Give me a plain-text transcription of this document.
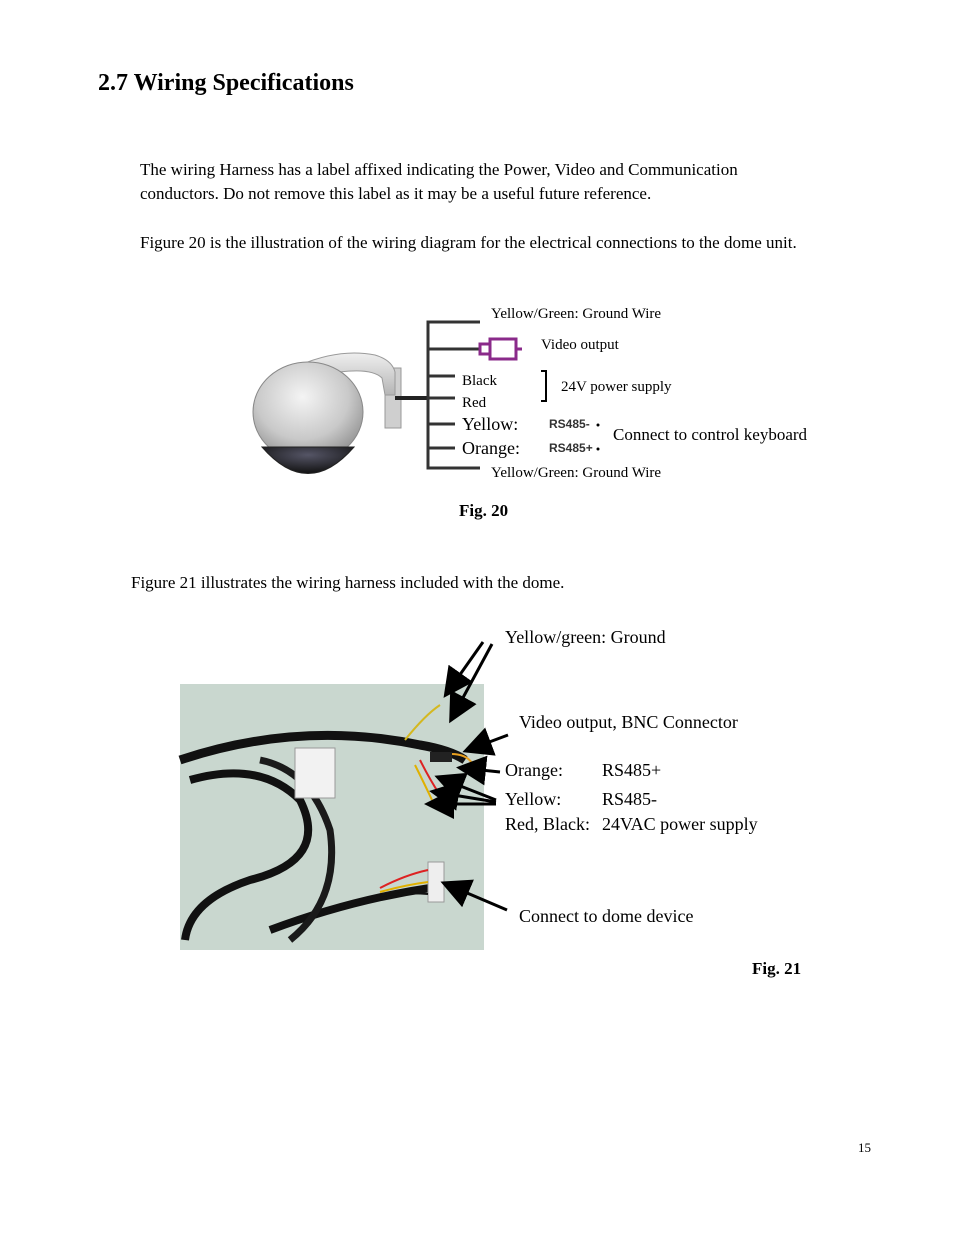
2.7 Wiring Specifications
The wiring Harness has a label affixed indicating the Power, Video and Communication
conductors. Do not remove this label as it may be a useful future reference.
Figure 20 is the illustration of the wiring diagram for the electrical connections to the dome unit.
Yellow/Green: Ground Wire
Video output
Black
Red
24V power supply
Yellow:
Orange:
RS485-
RS485+
Connect to control keyboard
Yellow/Green: Ground Wire
Fig. 20
Figure 21 illustrates the wiring harness included with the dome.
Yellow/green: Ground
Video output, BNC Connector
Orange: RS485+
Yellow: RS485-
Red, Black: 24VAC power supply
Connect to dome device
Fig. 21
15
